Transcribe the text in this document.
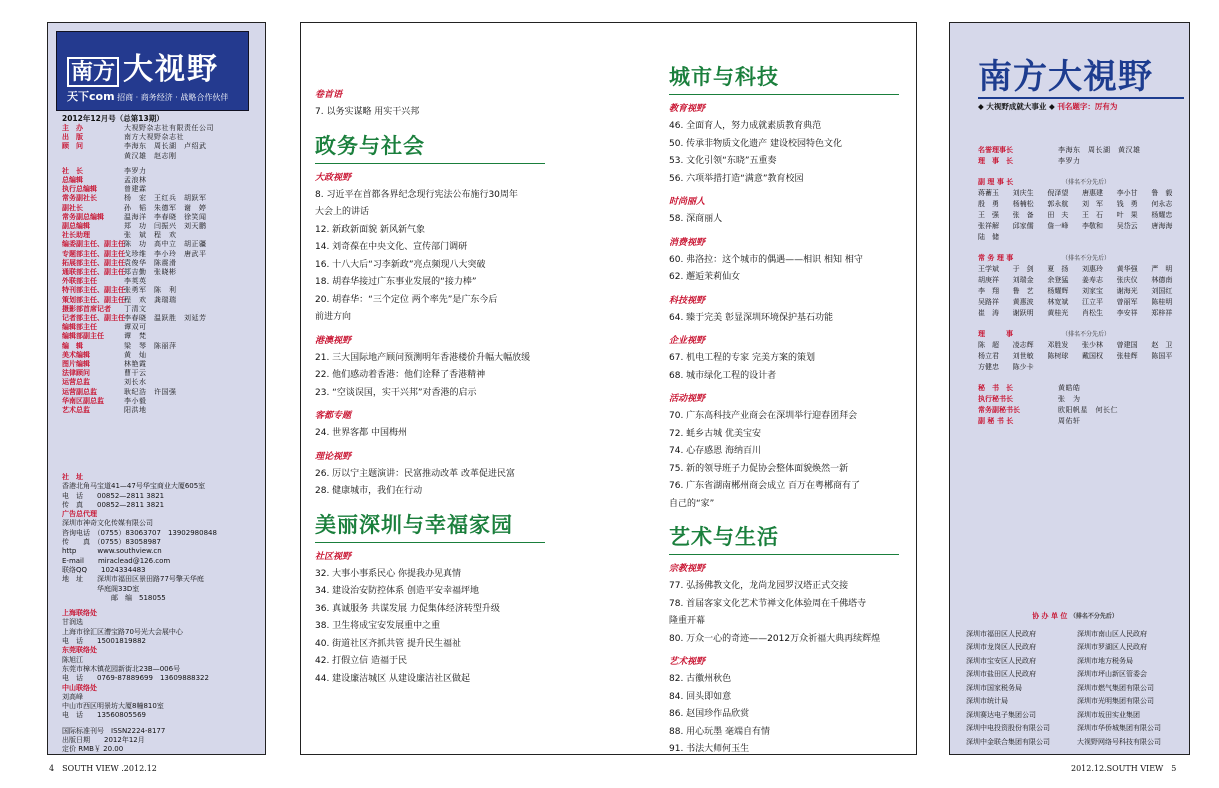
南方 大视野
天下com 招商 · 商务经济 · 战略合作伙伴
2012年12月号（总第13期）
主　办	大视野杂志社有限责任公司
出　版	南方大视野杂志社
顾　问	李海东　周长湖　卢绍武
黄汉雄　赵志刚
社　长	李罗力
总编辑	孟浪林
执行总编辑	曾建霖
常务副社长	杨　宏　王红兵　胡跃军
副社长	孙　韬　朱德军　谢　婷
常务副总编辑	温海洋　李春晓　徐笑闻
副总编辑	郑　功　闫振兴　刘天鹏
社长助理	张　斌　程　欢
编委副主任、副主任 陈　功　高中立　胡正疆
专题部主任、副主任 戈珍维　李小玲　唐武平
拓展部主任、副主任 袁俊华　陈震滑
通联部主任、副主任 郑吉勤　张晓彬
外联部主任	李英英
特刊部主任、副主任 张勇军　陈　利
策划部主任、副主任 程　欢　龚瑞瑞
摄影部首席记者	丁清文
记者部主任、副主任 李春晓　温跃胜　刘延芳
编辑部主任	谭双可
编辑部副主任	谭　梵
编　辑	梁　琴　陈丽萍
美术编辑	黄　灿
图片编辑	林艳霞
法律顾问	曹干云
运营总监	刘长水
运营副总监	耿纪浩　许国强
华南区副总监	李小毅
艺术总监	阳洪地
社　址
香港北角马宝道41—47号华宝商业大厦605室
电　话　　00852—2811 3821
传　真　　00852—2811 3821
广告总代理
深圳市神奇文化传媒有限公司
咨询电话　（0755）83063707　13902980848
传　　真　（0755）83058987
http　　　www.southview.cn
E-mail　　miraclead@126.com
联络QQ　　1024334483
地　址　　深圳市福田区景田路77号擎天华庭
　　　　　华庭阁33D室
　　　　　　　邮　编　518055
上海联络处
甘润选
上海市徐汇区漕宝路70号光大会展中心
电　话　　15001819882
东莞联络处
陈旭江
东莞市樟木镇花园新街北23B—006号
电　话　　0769-87889699　13609888322
中山联络处
刘高峰
中山市西区明景坊大厦8幢810室
电　话　　13560805569
国际标准刊号　ISSN2224-8177
出版日期　　2012年12月
定价 RMB￥ 20.00
卷首语
7. 以务实谋略 用实干兴邦
政务与社会
大政视野
8. 习近平在首都各界纪念现行宪法公布施行30周年
大会上的讲话
12. 新政新面貌 新风新气象
14. 刘奇葆在中央文化、宣传部门调研
16. 十八大后“习李新政”亮点频现八大突破
18. 胡春华接过广东事业发展的“接力棒”
20. 胡春华：“三个定位 两个率先”是广东今后
前进方向
港澳视野
21. 三大国际地产顾问预测明年香港楼价升幅大幅放缓
22. 他们感动着香港：他们诠释了香港精神
23. “空谈误国，实干兴邦”对香港的启示
客都专题
24. 世界客都 中国梅州
理论视野
26. 厉以宁主题演讲：民富推动改革 改革促进民富
28. 健康城市，我们在行动
美丽深圳与幸福家园
社区视野
32. 大事小事系民心 你提我办见真情
34. 建设治安防控体系 创造平安幸福坪地
36. 真诚服务 共谋发展 力促集体经济转型升级
38. 卫生将成宝安发展重中之重
40. 街道社区齐抓共管 提升民生福祉
42. 打假立信 造福于民
44. 建设廉洁城区 从建设廉洁社区做起
城市与科技
教育视野
46. 全面育人，努力成就素质教育典范
50. 传承非物质文化遗产 建设校园特色文化
53. 文化引领“东晓”五重奏
56. 六项举措打造“满意”教育校园
时尚丽人
58. 深商丽人
消费视野
60. 弗洛拉：这个城市的偶遇——相识 相知 相守
62. 邂逅茉莉仙女
科技视野
64. 臻于完美 彰显深圳环境保护基石功能
企业视野
67. 机电工程的专家 完美方案的策划
68. 城市绿化工程的设计者
活动视野
70. 广东高科技产业商会在深圳举行迎春团拜会
72. 蚝乡古城 优美宝安
74. 心存感恩 海纳百川
75. 新的领导班子力促协会整体面貌焕然一新
76. 广东省湖南郴州商会成立 百万在粤郴商有了
自己的“家”
艺术与生活
宗教视野
77. 弘扬佛教文化，龙尚龙园罗汉塔正式交接
78. 首届客家文化艺术节禅文化体验周在千佛塔寺
隆重开幕
80. 万众一心的奇迹——2012万众祈福大典再续辉煌
艺术视野
82. 古徽州秋色
84. 回头即如意
86. 赵国珍作品欣赏
88. 用心玩墨 毫端自有情
91. 书法大师何玉生
南方大視野
◆ 大视野成就大事业 ◆ 刊名题字：厉有为
名誉理事长	李海东　周长湖　黄汉雄
理　事　长	李罗力
副 理 事 长	（排名不分先后）
蒋蓄玉	刘庆生	倪泽望	唐惠建	李小甘	鲁　毅
殷　勇	杨楠松	郭永航	刘　军	钱　勇	何永志
王　强	张　备	田　夫	王　石	叶　果	杨耀忠
张祥解	邱家儒	詹一峰	李敬和	吴岱云	唐海海
陆　储
常 务 理 事	（排名不分先后）
王学斌	于　剑	夏　扬	刘惠玲	黄华强	严　明
胡庚祥	刘瑞金	余登猛	姜寿志	张庆仪	林德南
李　翔	鲁　艺	杨耀辉	刘家宝	谢海光	刘国红
吴路祥	黄惠波	林宽斌	江立平	曾丽军	陈桂明
崔　涛	谢跃明	黄桂光	肖松生	李安祥	郑梓祥
理　　　事	（排名不分先后）
陈　超	凌志辉	邓胜发	张少林	曾建国	赵　卫
杨立君	刘世敏	陈树球	戴国权	张桂辉	陈国平
方健忠	陈少卡
秘　书　长	黄皓皓
执行秘书长	张　为
常务副秘书长	欧阳帆星　何长仁
副 秘 书 长	周佑轩
协 办 单 位 （排名不分先后）
深圳市福田区人民政府	深圳市南山区人民政府
深圳市龙岗区人民政府	深圳市罗湖区人民政府
深圳市宝安区人民政府	深圳市地方税务局
深圳市盐田区人民政府	深圳市坪山新区管委会
深圳市国家税务局	深圳市燃气集团有限公司
深圳市统计局	深圳市光明集团有限公司
深圳赛达电子集团公司	深圳市坂田实业集团
深圳中电投资股份有限公司	深圳市华侨城集团有限公司
深圳中金联合集团有限公司	大视野网络号科技有限公司
4　SOUTH VIEW .2012.12	2012.12.SOUTH VIEW　5
